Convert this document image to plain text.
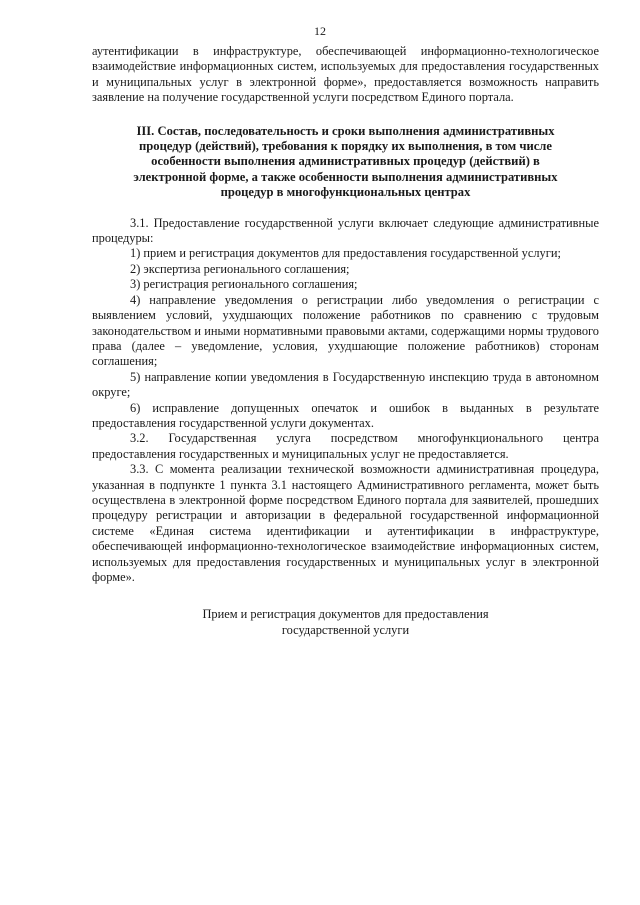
12

аутентификации в инфраструктуре, обеспечивающей информационно-технологическое взаимодействие информационных систем, используемых для предоставления государственных и муниципальных услуг в электронной форме», предоставляется возможность направить заявление на получение государственной услуги посредством Единого портала.

III. Состав, последовательность и сроки выполнения административных
процедур (действий), требования к порядку их выполнения, в том числе
особенности выполнения административных процедур (действий) в
электронной форме, а также особенности выполнения административных
процедур в многофункциональных центрах

3.1. Предоставление государственной услуги включает следующие административные процедуры:

1) прием и регистрация документов для предоставления государственной услуги;
2) экспертиза регионального соглашения;
3) регистрация регионального соглашения;
4) направление уведомления о регистрации либо уведомления о регистрации с выявлением условий, ухудшающих положение работников по сравнению с трудовым законодательством и иными нормативными правовыми актами, содержащими нормы трудового права (далее – уведомление, условия, ухудшающие положение работников) сторонам соглашения;
5) направление копии уведомления в Государственную инспекцию труда в автономном округе;
6) исправление допущенных опечаток и ошибок в выданных в результате предоставления государственной услуги документах.

3.2. Государственная услуга посредством многофункционального центра предоставления государственных и муниципальных услуг не предоставляется.

3.3. С момента реализации технической возможности административная процедура, указанная в подпункте 1 пункта 3.1 настоящего Административного регламента, может быть осуществлена в электронной форме посредством Единого портала для заявителей, прошедших процедуру регистрации и авторизации в федеральной государственной информационной системе «Единая система идентификации и аутентификации в инфраструктуре, обеспечивающей информационно-технологическое взаимодействие информационных систем, используемых для предоставления государственных и муниципальных услуг в электронной форме».

Прием и регистрация документов для предоставления
государственной услуги
